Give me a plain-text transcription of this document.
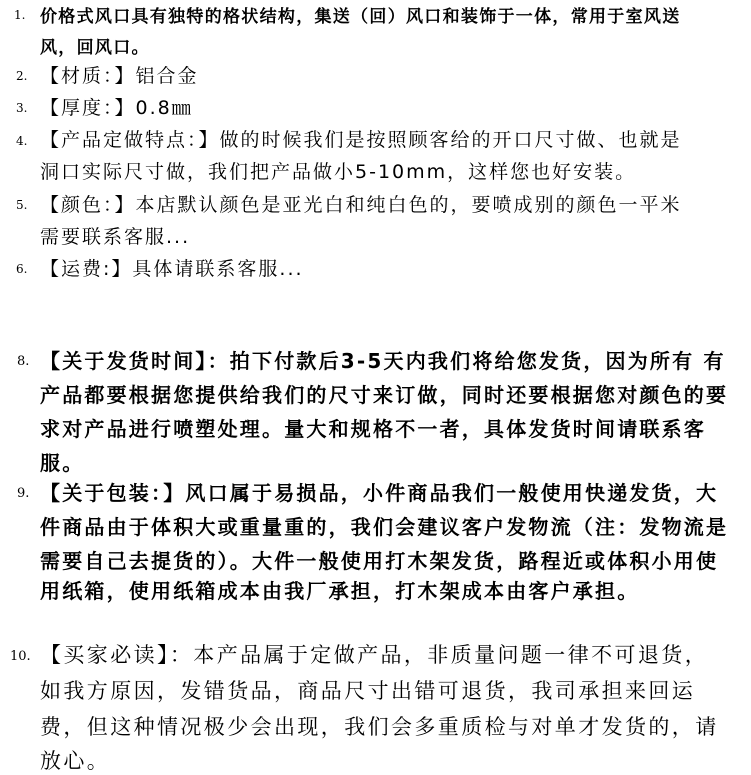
1. 价格式风口具有独特的格状结构，集送（回）风口和装饰于一体，常用于室风送
风，回风口。
2. 【材质：】铝合金
3. 【厚度：】0.8㎜
4. 【产品定做特点：】做的时候我们是按照顾客给的开口尺寸做、也就是
洞口实际尺寸做，我们把产品做小5-10mm，这样您也好安装。
5. 【颜色：】本店默认颜色是亚光白和纯白色的，要喷成别的颜色一平米
需要联系客服...
6. 【运费:】具体请联系客服...
8. 【关于发货时间】：拍下付款后3-5天内我们将给您发货，因为所有 有
产品都要根据您提供给我们的尺寸来订做，同时还要根据您对颜色的要
求对产品进行喷塑处理。量大和规格不一者，具体发货时间请联系客
服。
9. 【关于包装：】风口属于易损品，小件商品我们一般使用快递发货，大
件商品由于体积大或重量重的，我们会建议客户发物流（注：发物流是
需要自己去提货的）。大件一般使用打木架发货，路程近或体积小用使
用纸箱，使用纸箱成本由我厂承担，打木架成本由客户承担。
10. 【买家必读】：本产品属于定做产品，非质量问题一律不可退货，
如我方原因，发错货品，商品尺寸出错可退货，我司承担来回运
费，但这种情况极少会出现，我们会多重质检与对单才发货的，请
放心。
